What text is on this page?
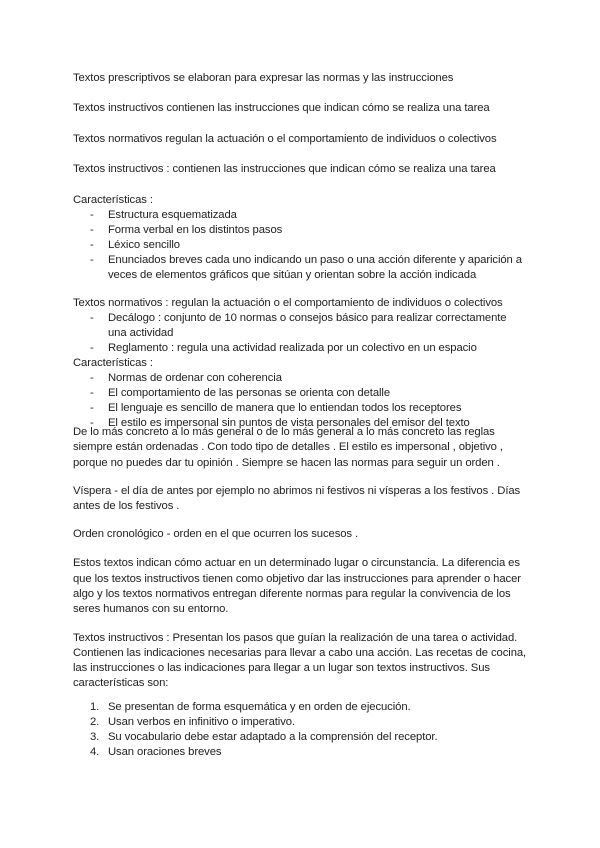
Textos prescriptivos se elaboran para expresar las normas y las instrucciones
Textos instructivos contienen las instrucciones que indican cómo se realiza una tarea
Textos normativos regulan la actuación o el comportamiento de individuos o colectivos
Textos instructivos : contienen las instrucciones que indican cómo se realiza una tarea
Características :
- Estructura esquematizada
- Forma verbal en los distintos pasos
- Léxico sencillo
- Enunciados breves cada uno indicando un paso o una acción diferente y aparición a
veces de elementos gráficos que sitúan y orientan sobre la acción indicada
Textos normativos : regulan la actuación o el comportamiento de individuos o colectivos
- Decálogo : conjunto de 10 normas o consejos básico para realizar correctamente
una actividad
- Reglamento : regula una actividad realizada por un colectivo en un espacio
Características :
- Normas de ordenar con coherencia
- El comportamiento de las personas se orienta con detalle
- El lenguaje es sencillo de manera que lo entiendan todos los receptores
- El estilo es impersonal sin puntos de vista personales del emisor del texto
De lo más concreto a lo más general o de lo más general a lo más concreto las reglas
siempre están ordenadas . Con todo tipo de detalles . El estilo es impersonal , objetivo ,
porque no puedes dar tu opinión . Siempre se hacen las normas para seguir un orden .
Víspera - el día de antes por ejemplo no abrimos ni festivos ni vísperas a los festivos . Días
antes de los festivos .
Orden cronológico - orden en el que ocurren los sucesos .
Estos textos indican cómo actuar en un determinado lugar o circunstancia. La diferencia es
que los textos instructivos tienen como objetivo dar las instrucciones para aprender o hacer
algo y los textos normativos entregan diferente normas para regular la convivencia de los
seres humanos con su entorno.
Textos instructivos : Presentan los pasos que guían la realización de una tarea o actividad.
Contienen las indicaciones necesarias para llevar a cabo una acción. Las recetas de cocina,
las instrucciones o las indicaciones para llegar a un lugar son textos instructivos. Sus
características son:
1. Se presentan de forma esquemática y en orden de ejecución.
2. Usan verbos en infinitivo o imperativo.
3. Su vocabulario debe estar adaptado a la comprensión del receptor.
4. Usan oraciones breves
